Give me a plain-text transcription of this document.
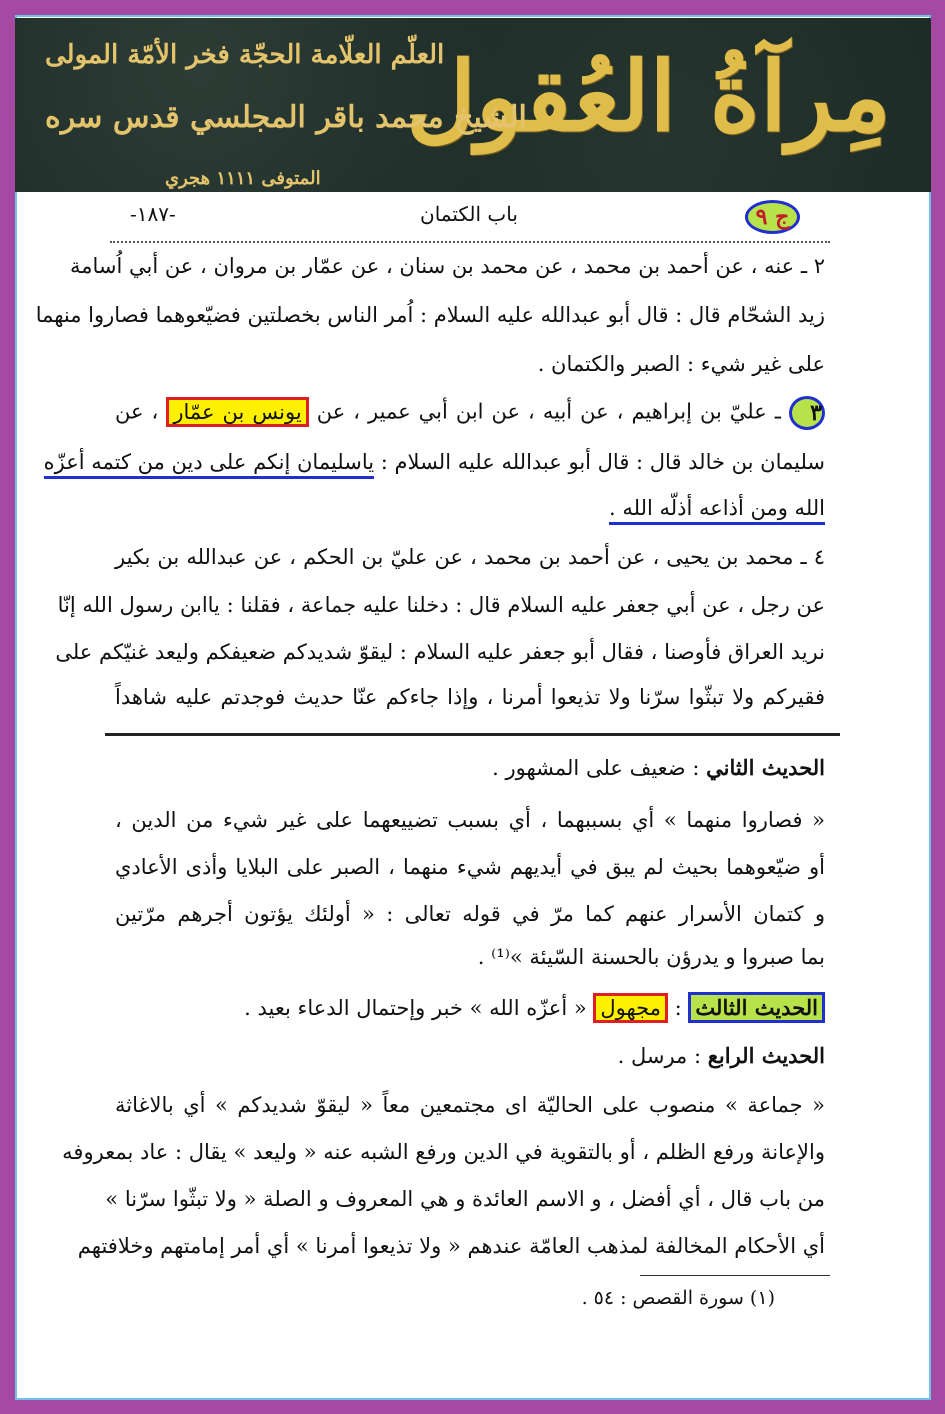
مِرآةُ العُقول
العلّم العلّامة الحجّة فخر الأمّة المولى
الشيخ محمد باقر المجلسي قدس سره
المتوفى ١١١١ هجري
ج ٩
باب الكتمان
-١٨٧-
٢ ـ عنه ، عن أحمد بن محمد ، عن محمد بن سنان ، عن عمّار بن مروان ، عن أبي اُسامة
زيد الشحّام قال : قال أبو عبدالله عليه السلام : اُمر الناس بخصلتين فضيّعوهما فصاروا منهما
على غير شيء : الصبر والكتمان .
٣ ـ عليّ بن إبراهيم ، عن أبيه ، عن ابن أبي عمير ، عن يونس بن عمّار ، عن
سليمان بن خالد قال : قال أبو عبدالله عليه السلام : ياسليمان إنكم على دين من كتمه أعزّه
الله ومن أذاعه أذلّه الله .
٤ ـ محمد بن يحيى ، عن أحمد بن محمد ، عن عليّ بن الحكم ، عن عبدالله بن بكير
عن رجل ، عن أبي جعفر عليه السلام قال : دخلنا عليه جماعة ، فقلنا : ياابن رسول الله إنّا
نريد العراق فأوصنا ، فقال أبو جعفر عليه السلام : ليقوّ شديدكم ضعيفكم وليعد غنيّكم على
فقيركم ولا تبثّوا سرّنا ولا تذيعوا أمرنا ، وإذا جاءكم عنّا حديث فوجدتم عليه شاهداً
الحديث الثاني : ضعيف على المشهور .
« فصاروا منهما » أي بسببهما ، أي بسبب تضييعهما على غير شيء من الدين ،
أو ضيّعوهما بحيث لم يبق في أيديهم شيء منهما ، الصبر على البلايا وأذى الأعادي
و كتمان الأسرار عنهم كما مرّ في قوله تعالى : « أولئك يؤتون أجرهم مرّتين
بما صبروا و يدرؤن بالحسنة السّيئة »⁽¹⁾ .
الحديث الثالث : مجهول « أعزّه الله » خبر وإحتمال الدعاء بعيد .
الحديث الرابع : مرسل .
« جماعة » منصوب على الحاليّة اى مجتمعين معاً « ليقوّ شديدكم » أي بالاغاثة
والإعانة ورفع الظلم ، أو بالتقوية في الدين ورفع الشبه عنه « وليعد » يقال : عاد بمعروفه
من باب قال ، أي أفضل ، و الاسم العائدة و هي المعروف و الصلة « ولا تبثّوا سرّنا »
أي الأحكام المخالفة لمذهب العامّة عندهم « ولا تذيعوا أمرنا » أي أمر إمامتهم وخلافتهم
(١) سورة القصص : ٥٤ .
